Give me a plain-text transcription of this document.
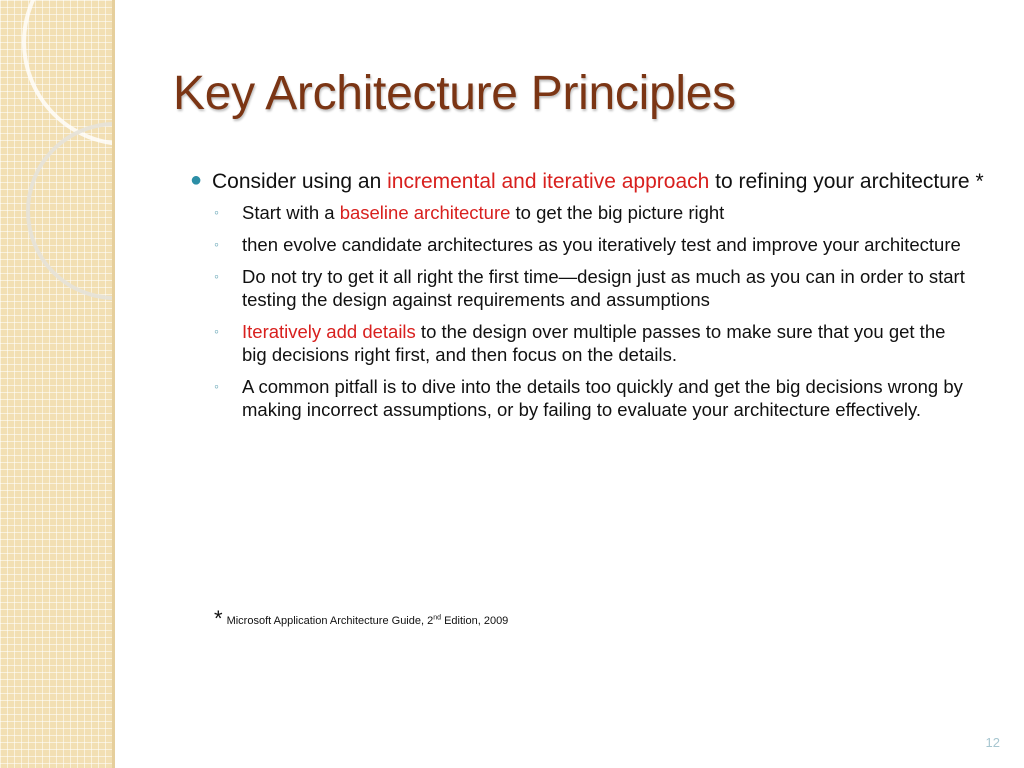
Key Architecture Principles
● Consider using an incremental and iterative approach to refining your architecture *
◦ Start with a baseline architecture to get the big picture right
◦ then evolve candidate architectures as you iteratively test and improve your architecture
◦ Do not try to get it all right the first time—design just as much as you can in order to start testing the design against requirements and assumptions
◦ Iteratively add details to the design over multiple passes to make sure that you get the big decisions right first, and then focus on the details.
◦ A common pitfall is to dive into the details too quickly and get the big decisions wrong by making incorrect assumptions, or by failing to evaluate your architecture effectively.
* Microsoft Application Architecture Guide, 2nd Edition, 2009
12
